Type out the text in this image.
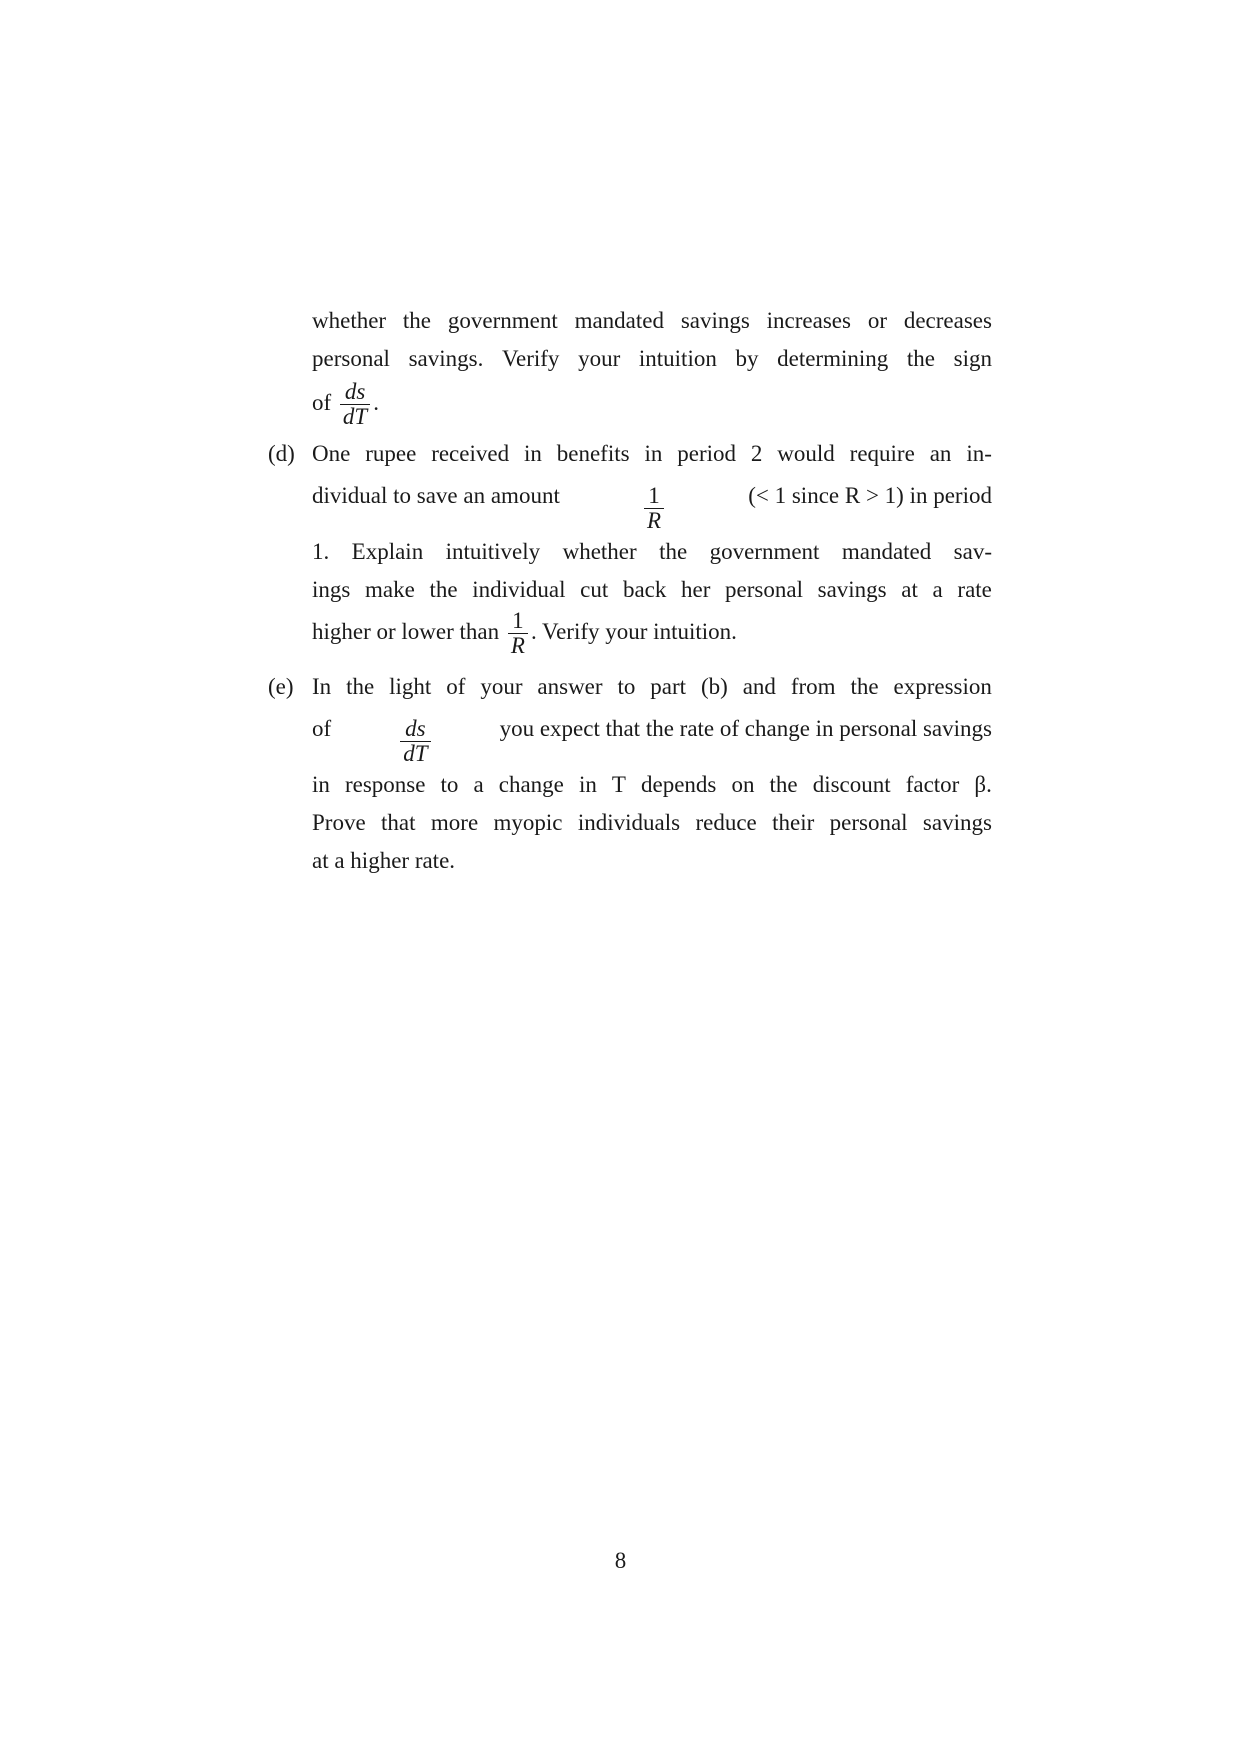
whether the government mandated savings increases or decreases
personal savings. Verify your intuition by determining the sign
of $\frac{ds}{dT}$ .
(d) One rupee received in benefits in period 2 would require an in-
dividual to save an amount	$\frac{1}{R}$	(< 1 since R > 1) in period
1. Explain intuitively whether the government mandated sav-
ings make the individual cut back her personal savings at a rate
higher or lower than $\frac{1}{R}$ . Verify your intuition.
(e) In the light of your answer to part (b) and from the expression
of	$\frac{ds}{dT}$	you expect that the rate of change in personal savings
in response to a change in T depends on the discount factor β.
Prove that more myopic individuals reduce their personal savings
at a higher rate.
8
